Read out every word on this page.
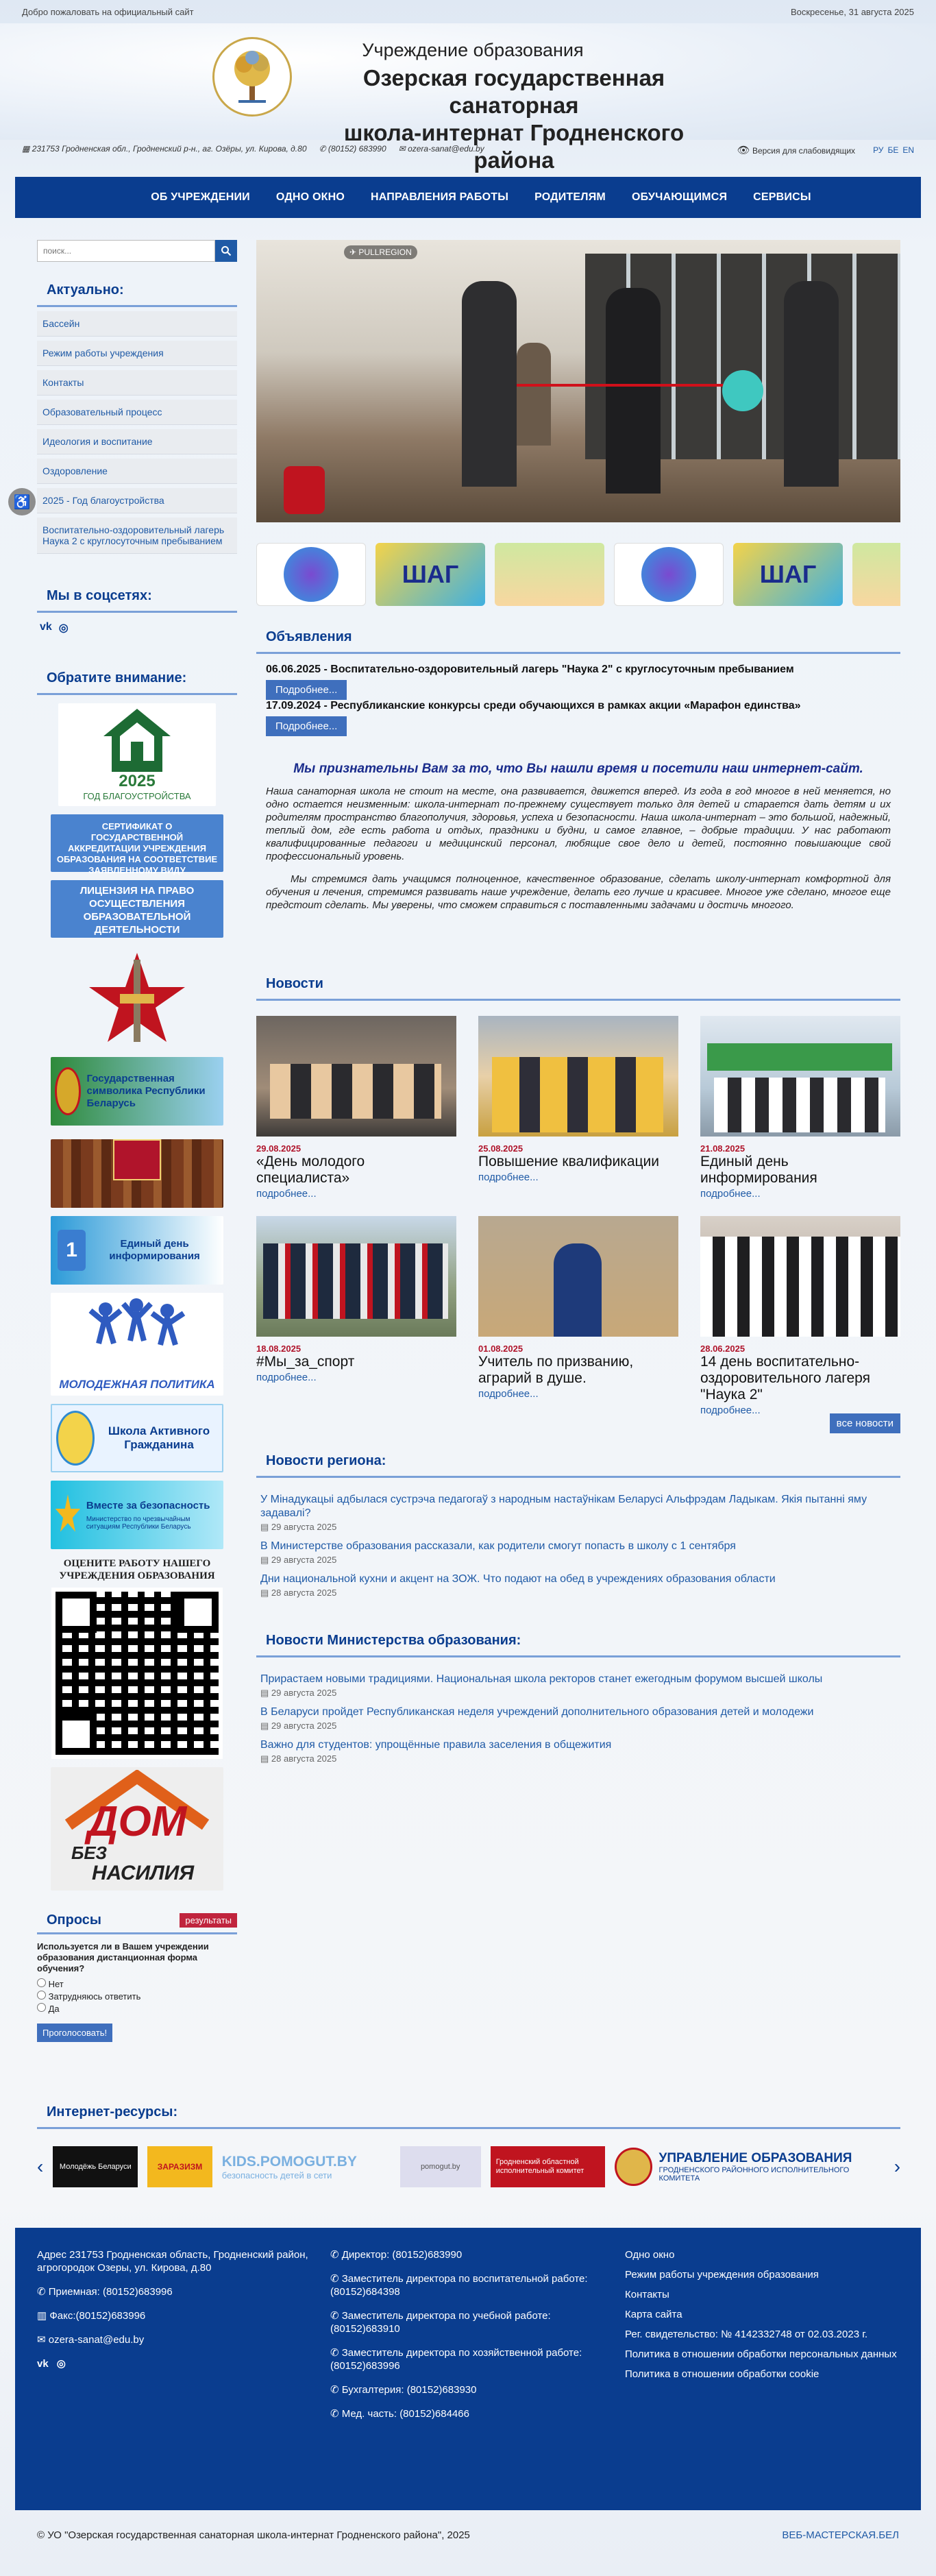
Добро пожаловать на официальный сайт	Воскресенье, 31 августа 2025
Учреждение образования
Озерская государственная санаторная
школа-интернат Гродненского района
▦ 231753 Гродненская обл., Гродненский р-н., аг. Озёры, ул. Кирова, д.80 ✆ (80152) 683990 ✉ ozera-sanat@edu.by	👁 Версия для слабовидящих РУ БЕ EN
ОБ УЧРЕЖДЕНИИ	ОДНО ОКНО	НАПРАВЛЕНИЯ РАБОТЫ	РОДИТЕЛЯМ	ОБУЧАЮЩИМСЯ	СЕРВИСЫ
♿
поиск...
Актуально:
Бассейн
Режим работы учреждения
Контакты
Образовательный процесс
Идеология и воспитание
Оздоровление
2025 - Год благоустройства
Воспитательно-оздоровительный лагерь Наука 2 с круглосуточным пребыванием
Мы в соцсетях:
vk ◎
Обратите внимание:
2025
ГОД БЛАГОУСТРОЙСТВА
СЕРТИФИКАТ О ГОСУДАРСТВЕННОЙ АККРЕДИТАЦИИ УЧРЕЖДЕНИЯ ОБРАЗОВАНИЯ НА СООТВЕТСТВИЕ ЗАЯВЛЕННОМУ ВИДУ
ЛИЦЕНЗИЯ НА ПРАВО ОСУЩЕСТВЛЕНИЯ ОБРАЗОВАТЕЛЬНОЙ ДЕЯТЕЛЬНОСТИ
Государственная символика Республики Беларусь
1	Единый день информирования
МОЛОДЕЖНАЯ ПОЛИТИКА
Школа Активного Гражданина
Вместе за безопасность
Министерство по чрезвычайным ситуациям Республики Беларусь
ОЦЕНИТЕ РАБОТУ НАШЕГО УЧРЕЖДЕНИЯ ОБРАЗОВАНИЯ
ДОМ
БЕЗ
НАСИЛИЯ
Опросы	результаты
Используется ли в Вашем учреждении образования дистанционная форма обучения?
Нет
Затрудняюсь ответить
Да
Проголосовать!
✈ PULLREGION
ШАГ	ШАГ
Объявления
06.06.2025 - Воспитательно-оздоровительный лагерь "Наука 2" с круглосуточным пребыванием
Подробнее...
17.09.2024 - Республиканские конкурсы среди обучающихся в рамках акции «Марафон единства»
Подробнее...
Мы признательны Вам за то, что Вы нашли время и посетили наш интернет-сайт.

Наша санаторная школа не стоит на месте, она развивается, движется вперед. Из года в год многое в ней меняется, но одно остается неизменным: школа-интернат по-прежнему существует только для детей и старается дать детям и их родителям пространство благополучия, здоровья, успеха и безопасности. Наша школа-интернат – это большой, надежный, теплый дом, где есть работа и отдых, праздники и будни, и самое главное, – добрые традиции. У нас работают квалифицированные педагоги и медицинский персонал, любящие свое дело и детей, постоянно повышающие свой профессиональный уровень.

Мы стремимся дать учащимся полноценное, качественное образование, сделать школу-интернат комфортной для обучения и лечения, стремимся развивать наше учреждение, делать его лучше и красивее. Многое уже сделано, многое еще предстоит сделать. Мы уверены, что сможем справиться с поставленными задачами и достичь многого.

Новости
29.08.2025
«День молодого специалиста»
подробнее...
25.08.2025
Повышение квалификации
подробнее...
21.08.2025
Единый день информирования
подробнее...
18.08.2025
#Мы_за_спорт
подробнее...
01.08.2025
Учитель по призванию, аграрий в душе.
подробнее...
28.06.2025
14 день воспитательно-оздоровительного лагеря "Наука 2"
подробнее...
все новости
Новости региона:
У Мінадукацыі адбылася сустрэча педагогаў з народным настаўнікам Беларусі Альфрэдам Ладыкам. Якія пытанні яму задавалі?
▤ 29 августа 2025
В Министерстве образования рассказали, как родители смогут попасть в школу с 1 сентября
▤ 29 августа 2025
Дни национальной кухни и акцент на ЗОЖ. Что подают на обед в учреждениях образования области
▤ 28 августа 2025
Новости Министерства образования:
Прирастаем новыми традициями. Национальная школа ректоров станет ежегодным форумом высшей школы
▤ 29 августа 2025
В Беларуси пройдет Республиканская неделя учреждений дополнительного образования детей и молодежи
▤ 29 августа 2025
Важно для студентов: упрощённые правила заселения в общежития
▤ 28 августа 2025
Интернет-ресурсы:
‹	Молодёжь Беларуси	ЗАРАЗИЗМ	KIDS.POMOGUT.BY
безопасность детей в сети
pomogut.by
Гродненский областной исполнительный комитет
УПРАВЛЕНИЕ ОБРАЗОВАНИЯ
ГРОДНЕНСКОГО РАЙОННОГО ИСПОЛНИТЕЛЬНОГО КОМИТЕТА
›
Адрес 231753 Гродненская область, Гродненский район, агрогородок Озеры, ул. Кирова, д.80
✆ Приемная: (80152)683996
▥ Факс:(80152)683996
✉ ozera-sanat@edu.by
vk ◎
✆ Директор: (80152)683990
✆ Заместитель директора по воспитательной работе: (80152)684398
✆ Заместитель директора по учебной работе: (80152)683910
✆ Заместитель директора по хозяйственной работе: (80152)683996
✆ Бухгалтерия: (80152)683930
✆ Мед. часть: (80152)684466
Одно окно
Режим работы учреждения образования
Контакты
Карта сайта
Рег. свидетельство: № 4142332748 от 02.03.2023 г.
Политика в отношении обработки персональных данных
Политика в отношении обработки cookie
© УО "Озерская государственная санаторная школа-интернат Гродненского района", 2025	ВЕБ-МАСТЕРСКАЯ.БЕЛ
